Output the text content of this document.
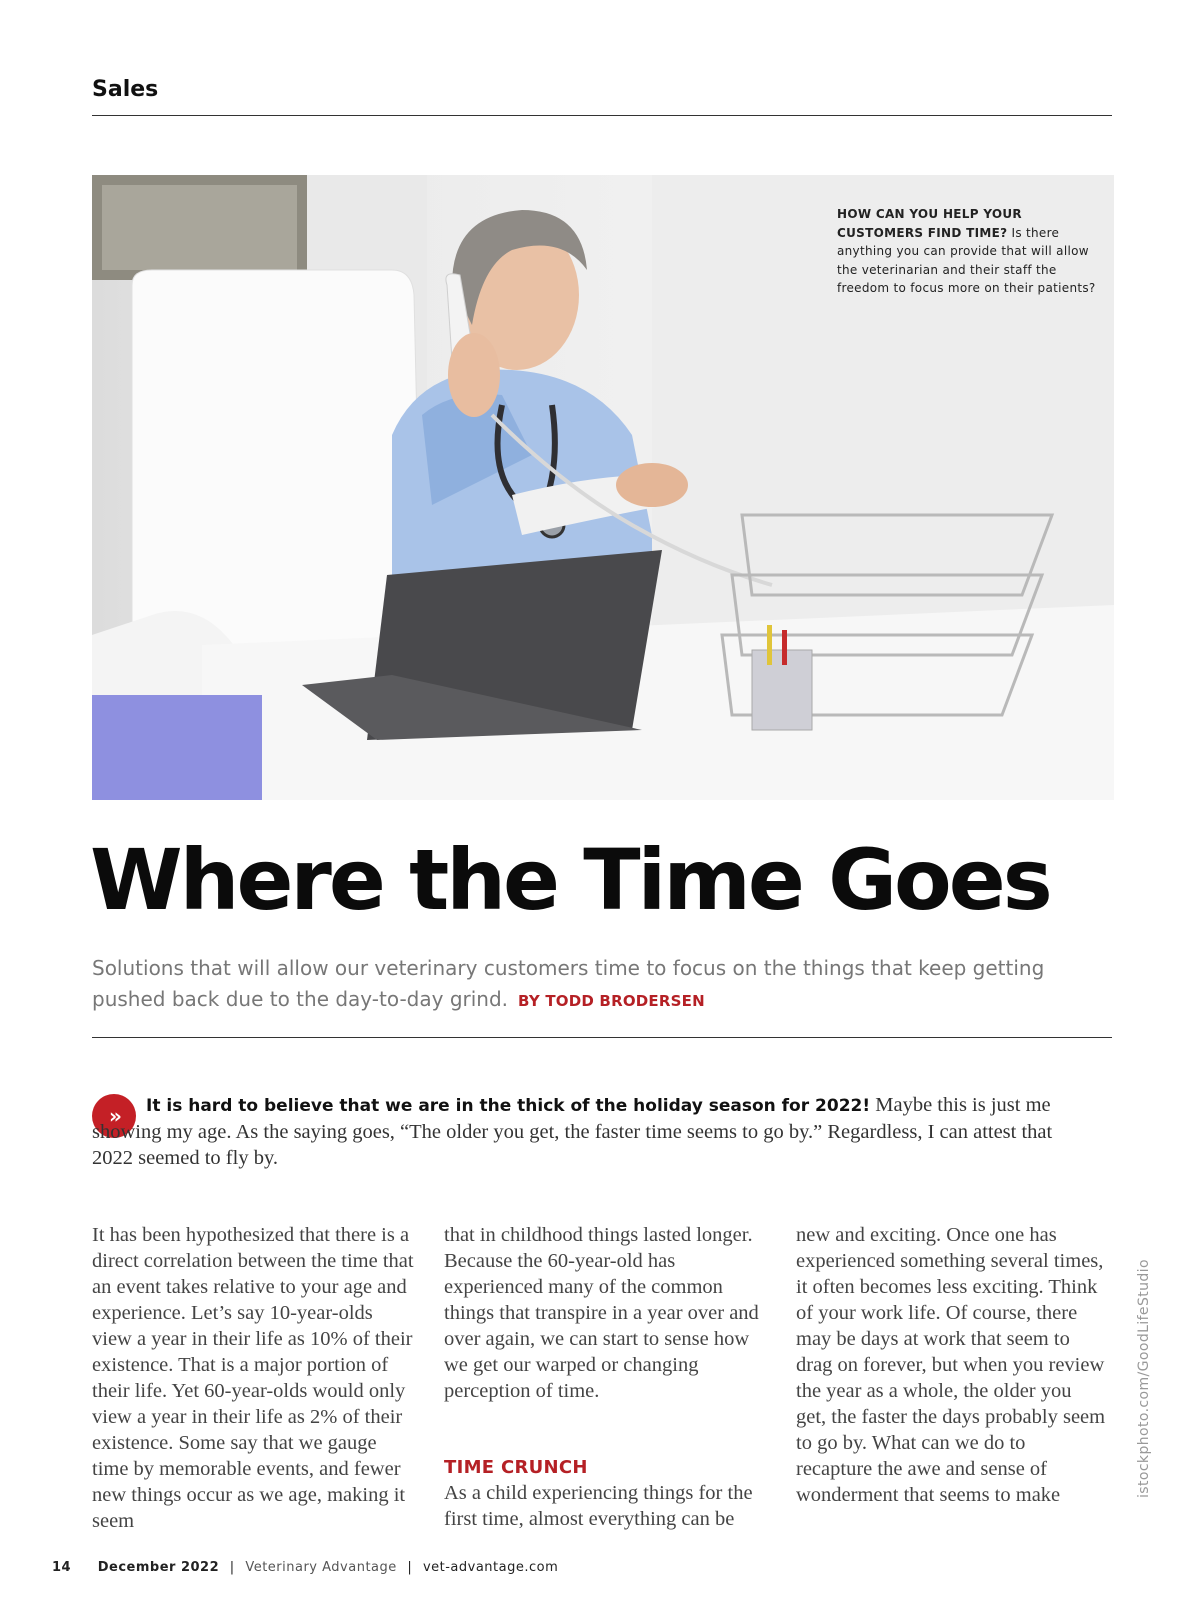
Sales
HOW CAN YOU HELP YOUR CUSTOMERS FIND TIME? Is there anything you can provide that will allow the veterinarian and their staff the freedom to focus more on their patients?
Where the Time Goes

Solutions that will allow our veterinary customers time to focus on the things that keep getting pushed back due to the day-to-day grind. BY TODD BRODERSEN

»	It is hard to believe that we are in the thick of the holiday season for 2022! Maybe this is just me showing my age. As the saying goes, “The older you get, the faster time seems to go by.” Regardless, I can attest that 2022 seemed to fly by.

It has been hypothesized that there is a direct correlation between the time that an event takes relative to your age and experience. Let’s say 10-year-olds view a year in their life as 10% of their existence. That is a major portion of their life. Yet 60-year-olds would only view a year in their life as 2% of their existence. Some say that we gauge time by memorable events, and fewer new things occur as we age, making it seem

that in childhood things lasted longer. Because the 60-year-old has experienced many of the common things that transpire in a year over and over again, we can start to sense how we get our warped or changing perception of time.

TIME CRUNCH

As a child experiencing things for the first time, almost everything can be

new and exciting. Once one has experienced something several times, it often becomes less exciting. Think of your work life. Of course, there may be days at work that seem to drag on forever, but when you review the year as a whole, the older you get, the faster the days probably seem to go by. What can we do to recapture the awe and sense of wonderment that seems to make	istockphoto.com/GoodLifeStudio
14 December 2022 | Veterinary Advantage | vet-advantage.com
